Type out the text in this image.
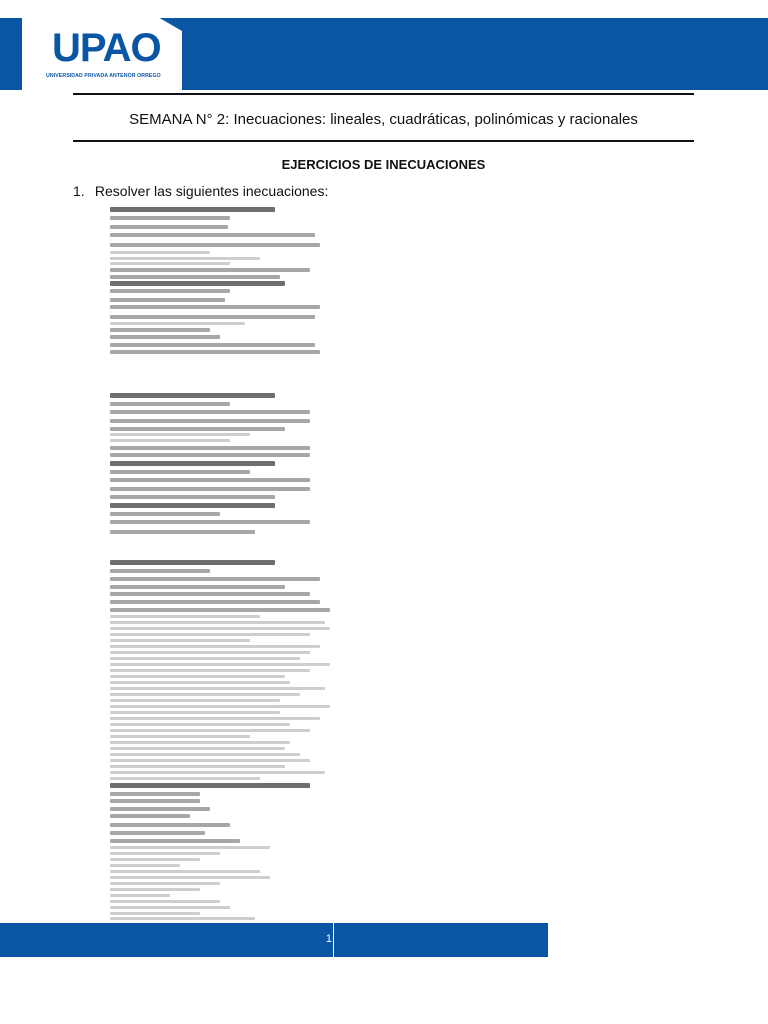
UPAO
UNIVERSIDAD PRIVADA ANTENOR ORREGO
SEMANA N° 2: Inecuaciones: lineales, cuadráticas, polinómicas y racionales
EJERCICIOS DE INECUACIONES
1. Resolver las siguientes inecuaciones:
1
